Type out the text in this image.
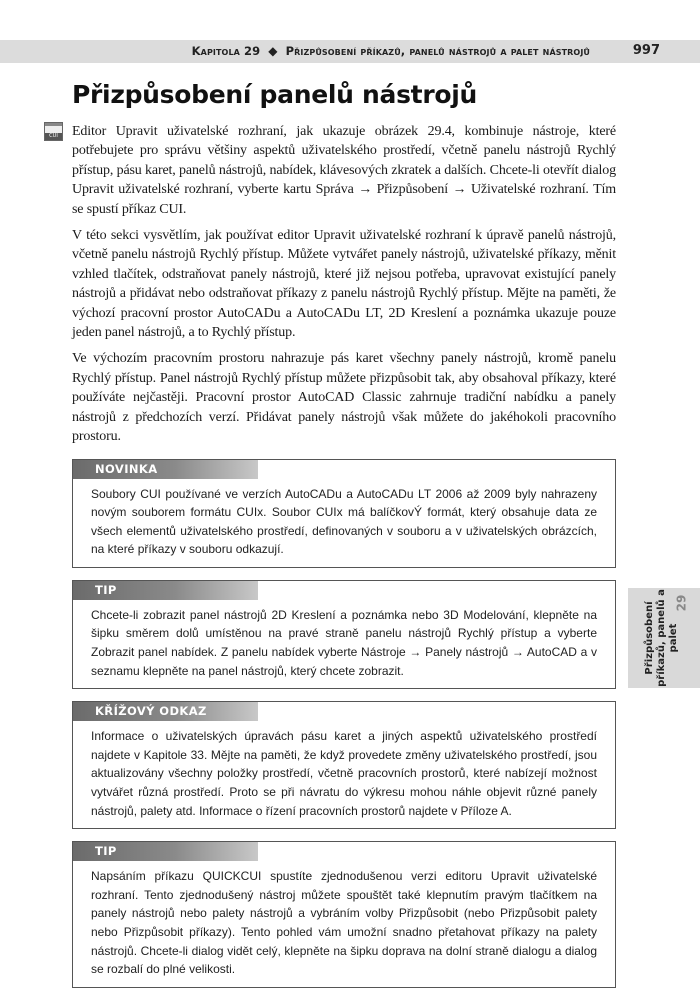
Kapitola 29 ◆ Přizpůsobení příkazů, panelů nástrojů a palet nástrojů	997
Přizpůsobení panelů nástrojů
CUI Editor Upravit uživatelské rozhraní, jak ukazuje obrázek 29.4, kombinuje nástroje, které potřebujete pro správu většiny aspektů uživatelského prostředí, včetně panelu nástrojů Rychlý přístup, pásu karet, panelů nástrojů, nabídek, klávesových zkratek a dalších. Chcete-li otevřít dialog Upravit uživatelské rozhraní, vyberte kartu Správa → Přizpůsobení → Uživatelské rozhraní. Tím se spustí příkaz CUI.

V této sekci vysvětlím, jak používat editor Upravit uživatelské rozhraní k úpravě panelů nástrojů, včetně panelu nástrojů Rychlý přístup. Můžete vytvářet panely nástrojů, uživatelské příkazy, měnit vzhled tlačítek, odstraňovat panely nástrojů, které již nejsou potřeba, upravovat existující panely nástrojů a přidávat nebo odstraňovat příkazy z panelu nástrojů Rychlý přístup. Mějte na paměti, že výchozí pracovní prostor AutoCADu a AutoCADu LT, 2D Kreslení a poznámka ukazuje pouze jeden panel nástrojů, a to Rychlý přístup.

Ve výchozím pracovním prostoru nahrazuje pás karet všechny panely nástrojů, kromě panelu Rychlý přístup. Panel nástrojů Rychlý přístup můžete přizpůsobit tak, aby obsahoval příkazy, které používáte nejčastěji. Pracovní prostor AutoCAD Classic zahrnuje tradiční nabídku a panely nástrojů z předchozích verzí. Přidávat panely nástrojů však můžete do jakéhokoli pracovního prostoru.

NOVINKA
Soubory CUI používané ve verzích AutoCADu a AutoCADu LT 2006 až 2009 byly nahrazeny novým souborem formátu CUIx. Soubor CUIx má balíčkovÝ formát, který obsahuje data ze všech elementů uživatelského prostředí, definovaných v souboru a v uživatelských obrázcích, na které příkazy v souboru odkazují.
TIP
Chcete-li zobrazit panel nástrojů 2D Kreslení a poznámka nebo 3D Modelování, klepněte na šipku směrem dolů umístěnou na pravé straně panelu nástrojů Rychlý přístup a vyberte Zobrazit panel nabídek. Z panelu nabídek vyberte Nástroje → Panely nástrojů → AutoCAD a v seznamu klepněte na panel nástrojů, který chcete zobrazit.
KŘÍŽOVÝ ODKAZ
Informace o uživatelských úpravách pásu karet a jiných aspektů uživatelského prostředí najdete v Kapitole 33. Mějte na paměti, že když provedete změny uživatelského prostředí, jsou aktualizovány všechny položky prostředí, včetně pracovních prostorů, které nabízejí možnost vytvářet různá prostředí. Proto se při návratu do výkresu mohou náhle objevit různé panely nástrojů, palety atd. Informace o řízení pracovních prostorů najdete v Příloze A.
TIP
Napsáním příkazu QUICKCUI spustíte zjednodušenou verzi editoru Upravit uživatelské rozhraní. Tento zjednodušený nástroj můžete spouštět také klepnutím pravým tlačítkem na panely nástrojů nebo palety nástrojů a vybráním volby Přizpůsobit (nebo Přizpůsobit palety nebo Přizpůsobit příkazy). Tento pohled vám umožní snadno přetahovat příkazy na palety nástrojů. Chcete-li dialog vidět celý, klepněte na šipku doprava na dolní straně dialogu a dialog se rozbalí do plné velikosti.
29
Přizpůsobení příkazů, panelů a palet
